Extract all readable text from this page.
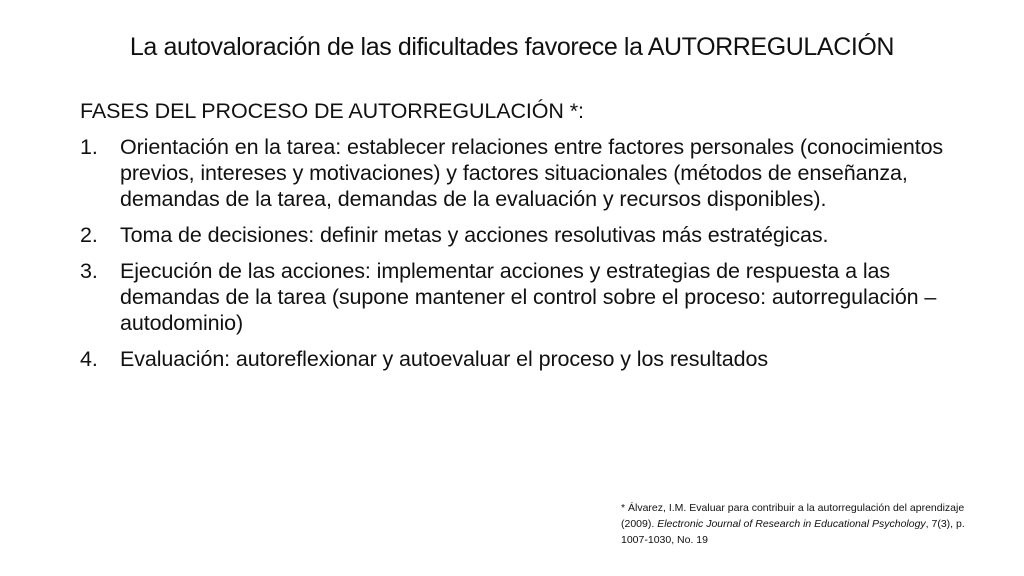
La autovaloración de las dificultades favorece la AUTORREGULACIÓN
FASES DEL PROCESO DE AUTORREGULACIÓN *:
1. Orientación en la tarea: establecer relaciones entre factores personales (conocimientos previos, intereses y motivaciones) y factores situacionales (métodos de enseñanza, demandas de la tarea, demandas de la evaluación y recursos disponibles).
2. Toma de decisiones: definir metas y acciones resolutivas más estratégicas.
3. Ejecución de las acciones: implementar acciones y estrategias de respuesta a las demandas de la tarea (supone mantener el control sobre el proceso: autorregulación – autodominio)
4. Evaluación: autoreflexionar y autoevaluar el proceso y los resultados
* Álvarez, I.M. Evaluar para contribuir a la autorregulación del aprendizaje (2009). Electronic Journal of Research in Educational Psychology, 7(3), p. 1007-1030, No. 19
